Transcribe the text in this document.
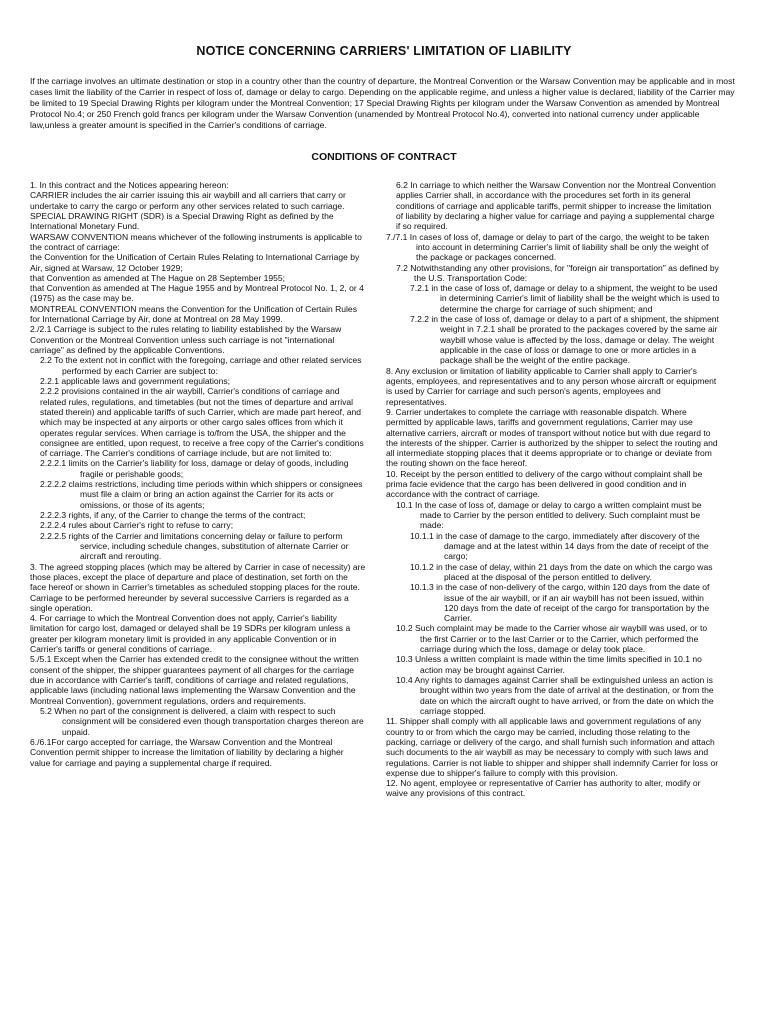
NOTICE CONCERNING CARRIERS' LIMITATION OF LIABILITY
If the carriage involves an ultimate destination or stop in a country other than the country of departure, the Montreal Convention or the Warsaw Convention may be applicable and in most cases limit the liability of the Carrier in respect of loss of, damage or delay to cargo. Depending on the applicable regime, and unless a higher value is declared, liability of the Carrier may be limited to 19 Special Drawing Rights per kilogram under the Montreal Convention; 17 Special Drawing Rights per kilogram under the Warsaw Convention as amended by Montreal Protocol No.4; or 250 French gold francs per kilogram under the Warsaw Convention (unamended by Montreal Protocol No.4), converted into national currency under applicable law,unless a greater amount is specified in the Carrier's conditions of carriage.
CONDITIONS OF CONTRACT

1. In this contract and the Notices appearing hereon:

CARRIER includes the air carrier issuing this air waybill and all carriers that carry or undertake to carry the cargo or perform any other services related to such carriage.

SPECIAL DRAWING RIGHT (SDR) is a Special Drawing Right as defined by the International Monetary Fund.

WARSAW CONVENTION means whichever of the following instruments is applicable to the contract of carriage:

the Convention for the Unification of Certain Rules Relating to International Carriage by Air, signed at Warsaw, 12 October 1929;

that Convention as amended at The Hague on 28 September 1955;

that Convention as amended at The Hague 1955 and by Montreal Protocol No. 1, 2, or 4 (1975) as the case may be.

MONTREAL CONVENTION means the Convention for the Unification of Certain Rules for International Carriage by Air, done at Montreal on 28 May 1999.

2./2.1 Carriage is subject to the rules relating to liability established by the Warsaw Convention or the Montreal Convention unless such carriage is not "international carriage" as defined by the applicable Conventions.

2.2 To the extent not in conflict with the foregoing, carriage and other related services performed by each Carrier are subject to:

2.2.1 applicable laws and government regulations;

2.2.2 provisions contained in the air waybill, Carrier's conditions of carriage and related rules, regulations, and timetables (but not the times of departure and arrival stated therein) and applicable tariffs of such Carrier, which are made part hereof, and which may be inspected at any airports or other cargo sales offices from which it operates regular services. When carriage is to/from the USA, the shipper and the consignee are entitled, upon request, to receive a free copy of the Carrier's conditions of carriage. The Carrier's conditions of carriage include, but are not limited to:

2.2.2.1 limits on the Carrier's liability for loss, damage or delay of goods, including fragile or perishable goods;

2.2.2.2 claims restrictions, including time periods within which shippers or consignees must file a claim or bring an action against the Carrier for its acts or omissions, or those of its agents;

2.2.2.3 rights, if any, of the Carrier to change the terms of the contract;

2.2.2.4 rules about Carrier's right to refuse to carry;

2.2.2.5 rights of the Carrier and limitations concerning delay or failure to perform service, including schedule changes, substitution of alternate Carrier or aircraft and rerouting.

3. The agreed stopping places (which may be altered by Carrier in case of necessity) are those places, except the place of departure and place of destination, set forth on the face hereof or shown in Carrier's timetables as scheduled stopping places for the route. Carriage to be performed hereunder by several successive Carriers is regarded as a single operation.

4. For carriage to which the Montreal Convention does not apply, Carrier's liability limitation for cargo lost, damaged or delayed shall be 19 SDRs per kilogram unless a greater per kilogram monetary limit is provided in any applicable Convention or in Carrier's tariffs or general conditions of carriage.

5./5.1 Except when the Carrier has extended credit to the consignee without the written consent of the shipper, the shipper guarantees payment of all charges for the carriage due in accordance with Carrier's tariff, conditions of carriage and related regulations, applicable laws (including national laws implementing the Warsaw Convention and the Montreal Convention), government regulations, orders and requirements.

5.2 When no part of the consignment is delivered, a claim with respect to such consignment will be considered even though transportation charges thereon are unpaid.

6./6.1For cargo accepted for carriage, the Warsaw Convention and the Montreal Convention permit shipper to increase the limitation of liability by declaring a higher value for carriage and paying a supplemental charge if required.

6.2 In carriage to which neither the Warsaw Convention nor the Montreal Convention applies Carrier shall, in accordance with the procedures set forth in its general conditions of carriage and applicable tariffs, permit shipper to increase the limitation of liability by declaring a higher value for carriage and paying a supplemental charge if so required.

7./7.1 In cases of loss of, damage or delay to part of the cargo, the weight to be taken into account in determining Carrier's limit of liability shall be only the weight of the package or packages concerned.

7.2 Notwithstanding any other provisions, for "foreign air transportation" as defined by the U.S. Transportation Code:

7.2.1 in the case of loss of, damage or delay to a shipment, the weight to be used in determining Carrier's limit of liability shall be the weight which is used to determine the charge for carriage of such shipment; and

7.2.2 in the case of loss of, damage or delay to a part of a shipment, the shipment weight in 7.2.1 shall be prorated to the packages covered by the same air waybill whose value is affected by the loss, damage or delay. The weight applicable in the case of loss or damage to one or more articles in a package shall be the weight of the entire package.

8. Any exclusion or limitation of liability applicable to Carrier shall apply to Carrier's agents, employees, and representatives and to any person whose aircraft or equipment is used by Carrier for carriage and such person's agents, employees and representatives.

9. Carrier undertakes to complete the carriage with reasonable dispatch. Where permitted by applicable laws, tariffs and government regulations, Carrier may use alternative carriers, aircraft or modes of transport without notice but with due regard to the interests of the shipper. Carrier is authorized by the shipper to select the routing and all intermediate stopping places that it deems appropriate or to change or deviate from the routing shown on the face hereof.

10. Receipt by the person entitled to delivery of the cargo without complaint shall be prima facie evidence that the cargo has been delivered in good condition and in accordance with the contract of carriage.

10.1 In the case of loss of, damage or delay to cargo a written complaint must be made to Carrier by the person entitled to delivery. Such complaint must be made:

10.1.1 in the case of damage to the cargo, immediately after discovery of the damage and at the latest within 14 days from the date of receipt of the cargo;

10.1.2 in the case of delay, within 21 days from the date on which the cargo was placed at the disposal of the person entitled to delivery.

10.1.3 in the case of non-delivery of the cargo, within 120 days from the date of issue of the air waybill, or if an air waybill has not been issued, within 120 days from the date of receipt of the cargo for transportation by the Carrier.

10.2 Such complaint may be made to the Carrier whose air waybill was used, or to the first Carrier or to the last Carrier or to the Carrier, which performed the carriage during which the loss, damage or delay took place.

10.3 Unless a written complaint is made within the time limits specified in 10.1 no action may be brought against Carrier.

10.4 Any rights to damages against Carrier shall be extinguished unless an action is brought within two years from the date of arrival at the destination, or from the date on which the aircraft ought to have arrived, or from the date on which the carriage stopped.

11. Shipper shall comply with all applicable laws and government regulations of any country to or from which the cargo may be carried, including those relating to the packing, carriage or delivery of the cargo, and shall furnish such information and attach such documents to the air waybill as may be necessary to comply with such laws and regulations. Carrier is not liable to shipper and shipper shall indemnify Carrier for loss or expense due to shipper's failure to comply with this provision.

12. No agent, employee or representative of Carrier has authority to alter, modify or waive any provisions of this contract.
